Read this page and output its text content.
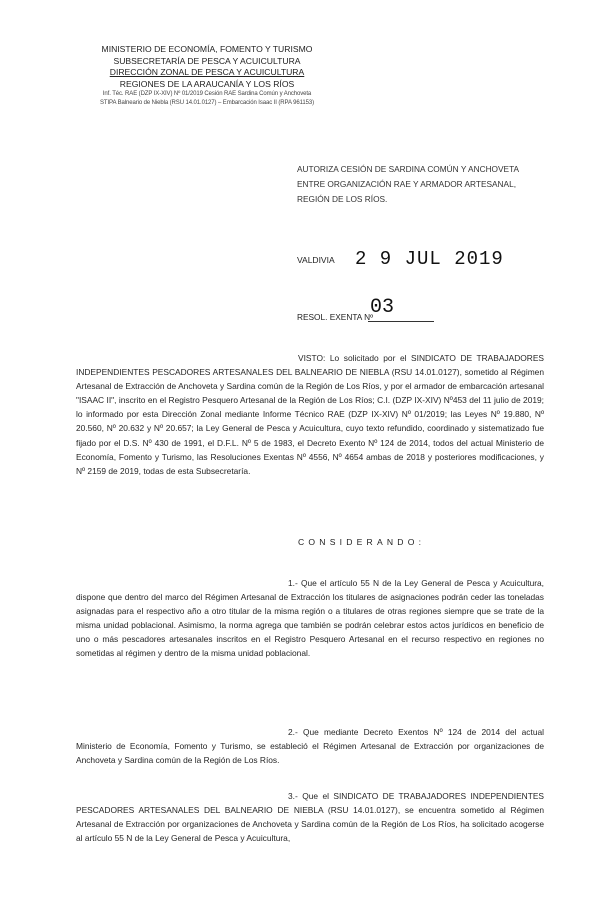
MINISTERIO DE ECONOMÍA, FOMENTO Y TURISMO
SUBSECRETARÍA DE PESCA Y ACUICULTURA
DIRECCIÓN ZONAL DE PESCA Y ACUICULTURA
REGIONES DE LA ARAUCANÍA Y LOS RÍOS
Inf. Téc. RAE (DZP IX-XIV) Nº 01/2019 Cesión RAE Sardina Común y Anchoveta
STIPA Balneario de Niebla (RSU 14.01.0127) – Embarcación Isaac II (RPA 961153)
AUTORIZA CESIÓN DE SARDINA COMÚN Y ANCHOVETA ENTRE ORGANIZACIÓN RAE Y ARMADOR ARTESANAL, REGIÓN DE LOS RÍOS.
VALDIVIA 2 9 JUL 2019
RESOL. EXENTA Nº
03
VISTO: Lo solicitado por el SINDICATO DE TRABAJADORES INDEPENDIENTES PESCADORES ARTESANALES DEL BALNEARIO DE NIEBLA (RSU 14.01.0127), sometido al Régimen Artesanal de Extracción de Anchoveta y Sardina común de la Región de Los Ríos, y por el armador de embarcación artesanal "ISAAC II", inscrito en el Registro Pesquero Artesanal de la Región de Los Ríos; C.I. (DZP IX-XIV) Nº453 del 11 julio de 2019; lo informado por esta Dirección Zonal mediante Informe Técnico RAE (DZP IX-XIV) Nº 01/2019; las Leyes Nº 19.880, Nº 20.560, Nº 20.632 y Nº 20.657; la Ley General de Pesca y Acuicultura, cuyo texto refundido, coordinado y sistematizado fue fijado por el D.S. Nº 430 de 1991, el D.F.L. Nº 5 de 1983, el Decreto Exento Nº 124 de 2014, todos del actual Ministerio de Economía, Fomento y Turismo, las Resoluciones Exentas Nº 4556, Nº 4654 ambas de 2018 y posteriores modificaciones, y Nº 2159 de 2019, todas de esta Subsecretaría.
CONSIDERANDO:
1.- Que el artículo 55 N de la Ley General de Pesca y Acuicultura, dispone que dentro del marco del Régimen Artesanal de Extracción los titulares de asignaciones podrán ceder las toneladas asignadas para el respectivo año a otro titular de la misma región o a titulares de otras regiones siempre que se trate de la misma unidad poblacional. Asimismo, la norma agrega que también se podrán celebrar estos actos jurídicos en beneficio de uno o más pescadores artesanales inscritos en el Registro Pesquero Artesanal en el recurso respectivo en regiones no sometidas al régimen y dentro de la misma unidad poblacional.
2.- Que mediante Decreto Exentos Nº 124 de 2014 del actual Ministerio de Economía, Fomento y Turismo, se estableció el Régimen Artesanal de Extracción por organizaciones de Anchoveta y Sardina común de la Región de Los Ríos.
3.- Que el SINDICATO DE TRABAJADORES INDEPENDIENTES PESCADORES ARTESANALES DEL BALNEARIO DE NIEBLA (RSU 14.01.0127), se encuentra sometido al Régimen Artesanal de Extracción por organizaciones de Anchoveta y Sardina común de la Región de Los Ríos, ha solicitado acogerse al artículo 55 N de la Ley General de Pesca y Acuicultura,
